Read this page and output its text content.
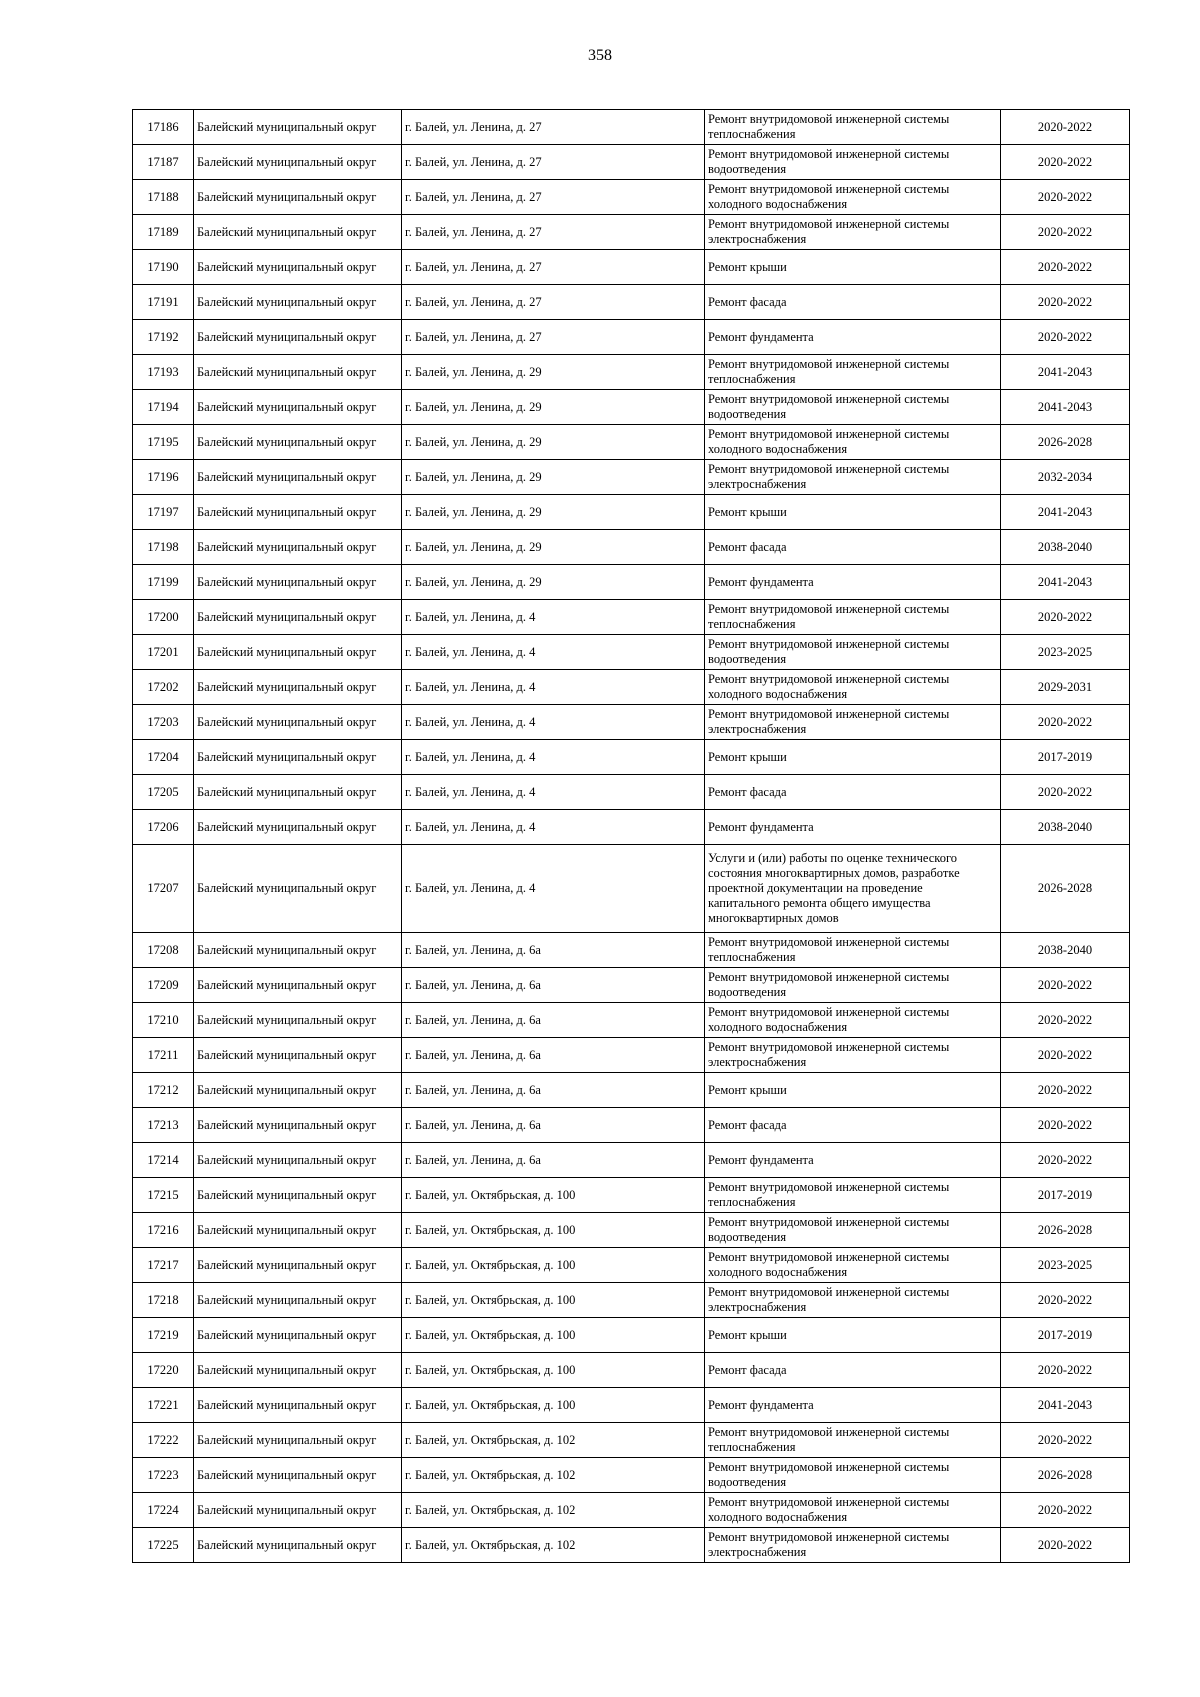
358
17186	Балейский муниципальный округ	г. Балей, ул. Ленина, д. 27	Ремонт внутридомовой инженерной системы теплоснабжения	2020-2022
17187	Балейский муниципальный округ	г. Балей, ул. Ленина, д. 27	Ремонт внутридомовой инженерной системы водоотведения	2020-2022
17188	Балейский муниципальный округ	г. Балей, ул. Ленина, д. 27	Ремонт внутридомовой инженерной системы холодного водоснабжения	2020-2022
17189	Балейский муниципальный округ	г. Балей, ул. Ленина, д. 27	Ремонт внутридомовой инженерной системы электроснабжения	2020-2022
17190	Балейский муниципальный округ	г. Балей, ул. Ленина, д. 27	Ремонт крыши	2020-2022
17191	Балейский муниципальный округ	г. Балей, ул. Ленина, д. 27	Ремонт фасада	2020-2022
17192	Балейский муниципальный округ	г. Балей, ул. Ленина, д. 27	Ремонт фундамента	2020-2022
17193	Балейский муниципальный округ	г. Балей, ул. Ленина, д. 29	Ремонт внутридомовой инженерной системы теплоснабжения	2041-2043
17194	Балейский муниципальный округ	г. Балей, ул. Ленина, д. 29	Ремонт внутридомовой инженерной системы водоотведения	2041-2043
17195	Балейский муниципальный округ	г. Балей, ул. Ленина, д. 29	Ремонт внутридомовой инженерной системы холодного водоснабжения	2026-2028
17196	Балейский муниципальный округ	г. Балей, ул. Ленина, д. 29	Ремонт внутридомовой инженерной системы электроснабжения	2032-2034
17197	Балейский муниципальный округ	г. Балей, ул. Ленина, д. 29	Ремонт крыши	2041-2043
17198	Балейский муниципальный округ	г. Балей, ул. Ленина, д. 29	Ремонт фасада	2038-2040
17199	Балейский муниципальный округ	г. Балей, ул. Ленина, д. 29	Ремонт фундамента	2041-2043
17200	Балейский муниципальный округ	г. Балей, ул. Ленина, д. 4	Ремонт внутридомовой инженерной системы теплоснабжения	2020-2022
17201	Балейский муниципальный округ	г. Балей, ул. Ленина, д. 4	Ремонт внутридомовой инженерной системы водоотведения	2023-2025
17202	Балейский муниципальный округ	г. Балей, ул. Ленина, д. 4	Ремонт внутридомовой инженерной системы холодного водоснабжения	2029-2031
17203	Балейский муниципальный округ	г. Балей, ул. Ленина, д. 4	Ремонт внутридомовой инженерной системы электроснабжения	2020-2022
17204	Балейский муниципальный округ	г. Балей, ул. Ленина, д. 4	Ремонт крыши	2017-2019
17205	Балейский муниципальный округ	г. Балей, ул. Ленина, д. 4	Ремонт фасада	2020-2022
17206	Балейский муниципальный округ	г. Балей, ул. Ленина, д. 4	Ремонт фундамента	2038-2040
17207	Балейский муниципальный округ	г. Балей, ул. Ленина, д. 4	Услуги и (или) работы по оценке технического состояния многоквартирных домов, разработке проектной документации на проведение капитального ремонта общего имущества многоквартирных домов	2026-2028
17208	Балейский муниципальный округ	г. Балей, ул. Ленина, д. 6а	Ремонт внутридомовой инженерной системы теплоснабжения	2038-2040
17209	Балейский муниципальный округ	г. Балей, ул. Ленина, д. 6а	Ремонт внутридомовой инженерной системы водоотведения	2020-2022
17210	Балейский муниципальный округ	г. Балей, ул. Ленина, д. 6а	Ремонт внутридомовой инженерной системы холодного водоснабжения	2020-2022
17211	Балейский муниципальный округ	г. Балей, ул. Ленина, д. 6а	Ремонт внутридомовой инженерной системы электроснабжения	2020-2022
17212	Балейский муниципальный округ	г. Балей, ул. Ленина, д. 6а	Ремонт крыши	2020-2022
17213	Балейский муниципальный округ	г. Балей, ул. Ленина, д. 6а	Ремонт фасада	2020-2022
17214	Балейский муниципальный округ	г. Балей, ул. Ленина, д. 6а	Ремонт фундамента	2020-2022
17215	Балейский муниципальный округ	г. Балей, ул. Октябрьская, д. 100	Ремонт внутридомовой инженерной системы теплоснабжения	2017-2019
17216	Балейский муниципальный округ	г. Балей, ул. Октябрьская, д. 100	Ремонт внутридомовой инженерной системы водоотведения	2026-2028
17217	Балейский муниципальный округ	г. Балей, ул. Октябрьская, д. 100	Ремонт внутридомовой инженерной системы холодного водоснабжения	2023-2025
17218	Балейский муниципальный округ	г. Балей, ул. Октябрьская, д. 100	Ремонт внутридомовой инженерной системы электроснабжения	2020-2022
17219	Балейский муниципальный округ	г. Балей, ул. Октябрьская, д. 100	Ремонт крыши	2017-2019
17220	Балейский муниципальный округ	г. Балей, ул. Октябрьская, д. 100	Ремонт фасада	2020-2022
17221	Балейский муниципальный округ	г. Балей, ул. Октябрьская, д. 100	Ремонт фундамента	2041-2043
17222	Балейский муниципальный округ	г. Балей, ул. Октябрьская, д. 102	Ремонт внутридомовой инженерной системы теплоснабжения	2020-2022
17223	Балейский муниципальный округ	г. Балей, ул. Октябрьская, д. 102	Ремонт внутридомовой инженерной системы водоотведения	2026-2028
17224	Балейский муниципальный округ	г. Балей, ул. Октябрьская, д. 102	Ремонт внутридомовой инженерной системы холодного водоснабжения	2020-2022
17225	Балейский муниципальный округ	г. Балей, ул. Октябрьская, д. 102	Ремонт внутридомовой инженерной системы электроснабжения	2020-2022
